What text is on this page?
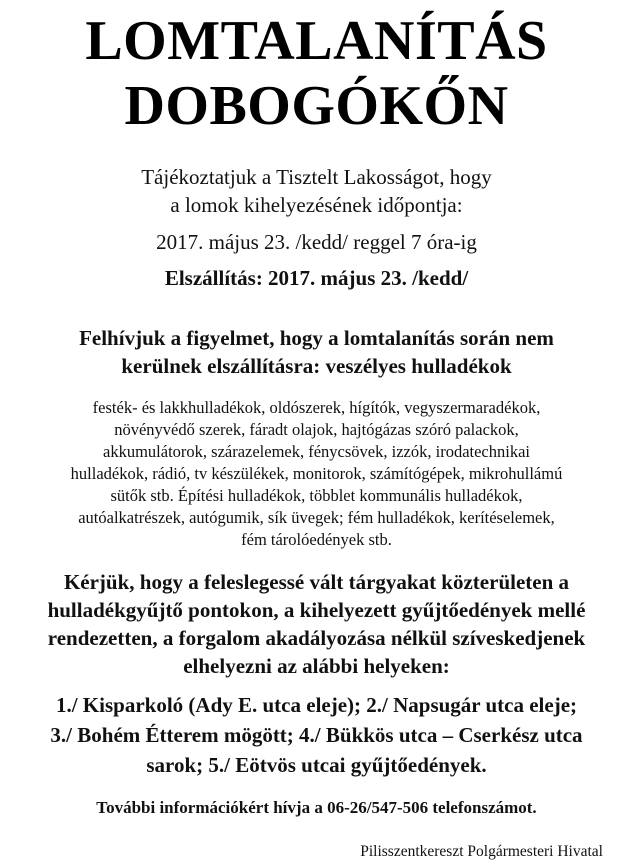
LOMTALANÍTÁS
DOBOGÓKŐN
Tájékoztatjuk a Tisztelt Lakosságot, hogy
a lomok kihelyezésének időpontja:
2017. május 23. /kedd/ reggel 7 óra-ig
Elszállítás: 2017. május 23. /kedd/
Felhívjuk a figyelmet, hogy a lomtalanítás során nem
kerülnek elszállításra: veszélyes hulladékok
festék- és lakkhulladékok, oldószerek, hígítók, vegyszermaradékok,
növényvédő szerek, fáradt olajok, hajtógázas szóró palackok,
akkumulátorok, szárazelemek, fénycsövek, izzók, irodatechnikai
hulladékok, rádió, tv készülékek, monitorok, számítógépek, mikrohullámú
sütők stb. Építési hulladékok, többlet kommunális hulladékok,
autóalkatrészek, autógumik, sík üvegek; fém hulladékok, kerítéselemek,
fém tárolóedények stb.
Kérjük, hogy a feleslegessé vált tárgyakat közterületen a
hulladékgyűjtő pontokon, a kihelyezett gyűjtőedények mellé
rendezetten, a forgalom akadályozása nélkül szíveskedjenek
elhelyezni az alábbi helyeken:
1./ Kisparkoló (Ady E. utca eleje); 2./ Napsugár utca eleje;
3./ Bohém Étterem mögött; 4./ Bükkös utca – Cserkész utca
sarok; 5./ Eötvös utcai gyűjtőedények.
További információkért hívja a 06-26/547-506 telefonszámot.
Pilisszentkereszt Polgármesteri Hivatal
